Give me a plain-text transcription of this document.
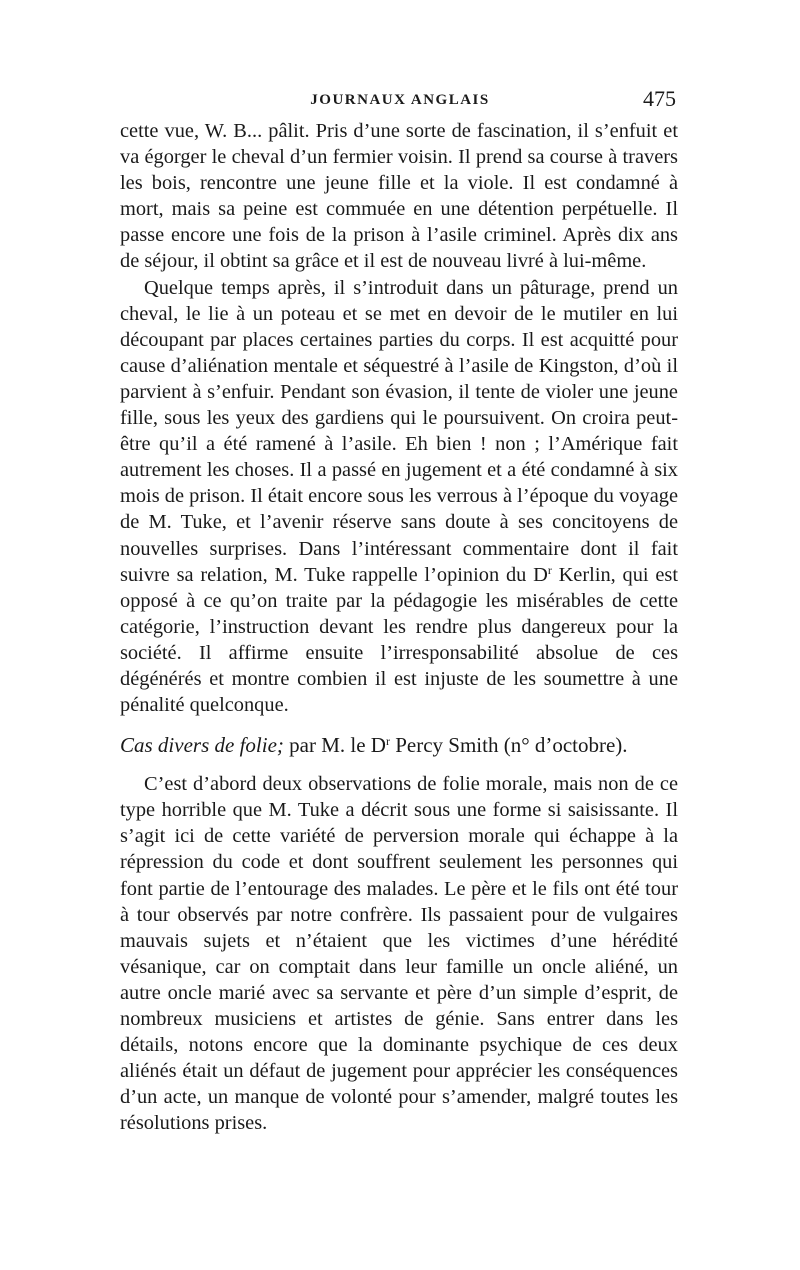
JOURNAUX ANGLAIS	475

cette vue, W. B... pâlit. Pris d’une sorte de fascination, il s’enfuit et va égorger le cheval d’un fermier voisin. Il prend sa course à travers les bois, rencontre une jeune fille et la viole. Il est condamné à mort, mais sa peine est commuée en une détention perpétuelle. Il passe encore une fois de la prison à l’asile criminel. Après dix ans de séjour, il obtint sa grâce et il est de nouveau livré à lui-même.

Quelque temps après, il s’introduit dans un pâturage, prend un cheval, le lie à un poteau et se met en devoir de le mutiler en lui découpant par places certaines parties du corps. Il est acquitté pour cause d’aliénation mentale et séquestré à l’asile de Kingston, d’où il parvient à s’enfuir. Pendant son évasion, il tente de violer une jeune fille, sous les yeux des gardiens qui le poursuivent. On croira peut-être qu’il a été ramené à l’asile. Eh bien ! non ; l’Amérique fait autrement les choses. Il a passé en jugement et a été condamné à six mois de prison. Il était encore sous les verrous à l’époque du voyage de M. Tuke, et l’avenir réserve sans doute à ses concitoyens de nouvelles surprises. Dans l’intéressant commentaire dont il fait suivre sa relation, M. Tuke rappelle l’opinion du $D^r$ Kerlin, qui est opposé à ce qu’on traite par la pédagogie les misérables de cette catégorie, l’instruction devant les rendre plus dangereux pour la société. Il affirme ensuite l’irresponsabilité absolue de ces dégénérés et montre combien il est injuste de les soumettre à une pénalité quelconque.

Cas divers de folie; par M. le $D^r$ Percy Smith (n° d’octobre).

C’est d’abord deux observations de folie morale, mais non de ce type horrible que M. Tuke a décrit sous une forme si saisissante. Il s’agit ici de cette variété de perversion morale qui échappe à la répression du code et dont souffrent seulement les personnes qui font partie de l’entourage des malades. Le père et le fils ont été tour à tour observés par notre confrère. Ils passaient pour de vulgaires mauvais sujets et n’étaient que les victimes d’une hérédité vésanique, car on comptait dans leur famille un oncle aliéné, un autre oncle marié avec sa servante et père d’un simple d’esprit, de nombreux musiciens et artistes de génie. Sans entrer dans les détails, notons encore que la dominante psychique de ces deux aliénés était un défaut de jugement pour apprécier les conséquences d’un acte, un manque de volonté pour s’amender, malgré toutes les résolutions prises.
